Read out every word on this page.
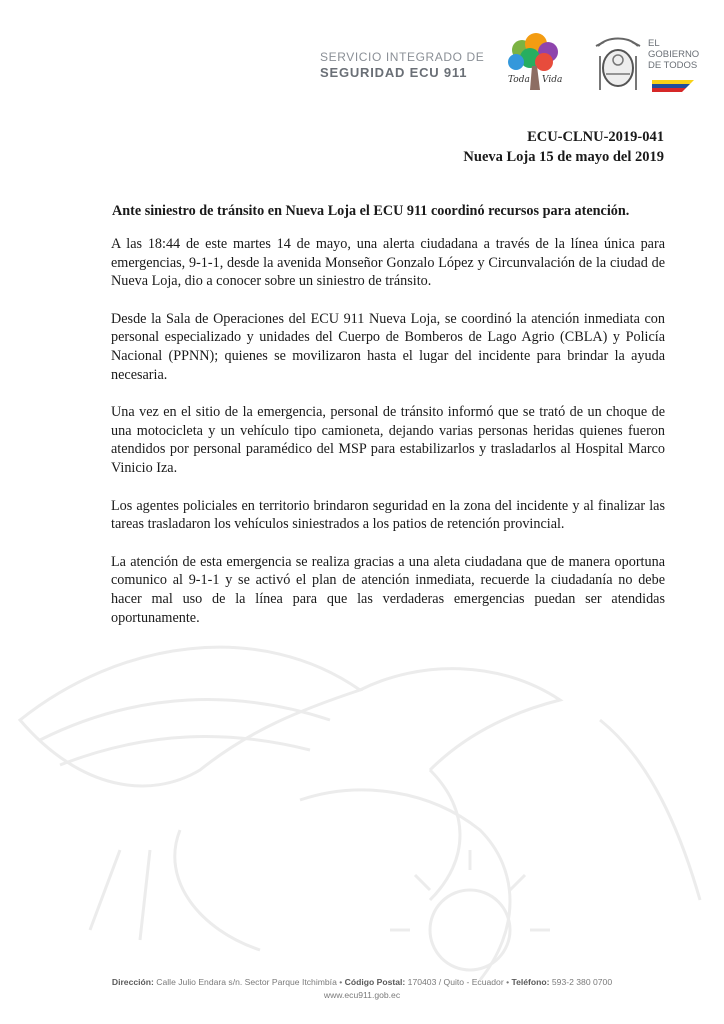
SERVICIO INTEGRADO DE
SEGURIDAD ECU 911	Toda Vida
EL
GOBIERNO
DE TODOS
ECU-CLNU-2019-041
Nueva Loja 15 de mayo del 2019
Ante siniestro de tránsito en Nueva Loja el ECU 911 coordinó recursos para atención.

A las 18:44 de este martes 14 de mayo, una alerta ciudadana a través de la línea única para emergencias, 9-1-1, desde la avenida Monseñor Gonzalo López y Circunvalación de la ciudad de Nueva Loja, dio a conocer sobre un siniestro de tránsito.

Desde la Sala de Operaciones del ECU 911 Nueva Loja, se coordinó la atención inmediata con personal especializado y unidades del Cuerpo de Bomberos de Lago Agrio (CBLA) y Policía Nacional (PPNN); quienes se movilizaron hasta el lugar del incidente para brindar la ayuda necesaria.

Una vez en el sitio de la emergencia, personal de tránsito informó que se trató de un choque de una motocicleta y un vehículo tipo camioneta, dejando varias personas heridas quienes fueron atendidos por personal paramédico del MSP para estabilizarlos y trasladarlos al Hospital Marco Vinicio Iza.

Los agentes policiales en territorio brindaron seguridad en la zona del incidente y al finalizar las tareas trasladaron los vehículos siniestrados a los patios de retención provincial.

La atención de esta emergencia se realiza gracias a una aleta ciudadana que de manera oportuna comunico al 9-1-1 y se activó el plan de atención inmediata, recuerde la ciudadanía no debe hacer mal uso de la línea para que las verdaderas emergencias puedan ser atendidas oportunamente.

Dirección: Calle Julio Endara s/n. Sector Parque Itchimbía • Código Postal: 170403 / Quito - Ecuador • Teléfono: 593-2 380 0700
www.ecu911.gob.ec
